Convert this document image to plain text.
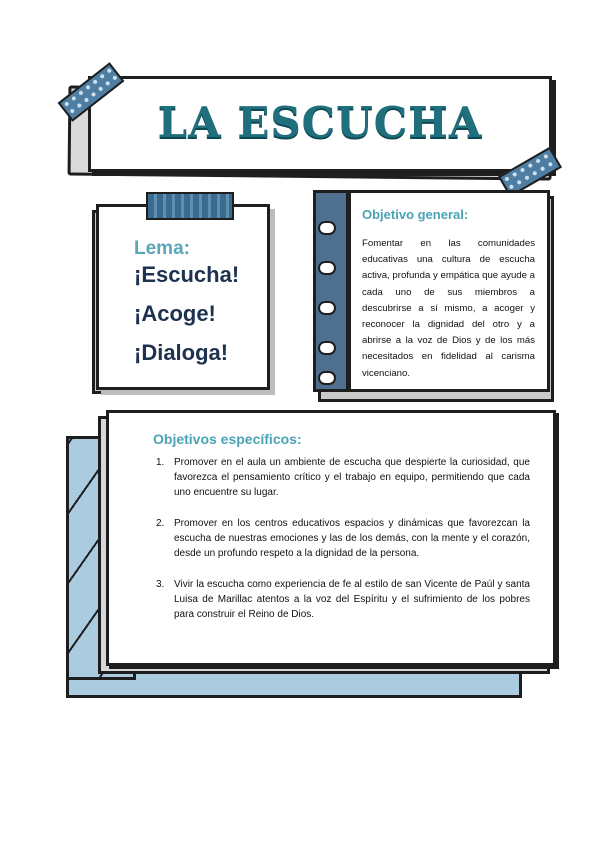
LA ESCUCHA
Lema:
¡Escucha!
¡Acoge!
¡Dialoga!
Objetivo general:
Fomentar en las comunidades educativas una cultura de escucha activa, profunda y empática que ayude a cada uno de sus miembros a descubrirse a sí mismo, a acoger y reconocer la dignidad del otro y a abrirse a la voz de Dios y de los más necesitados en fidelidad al carisma vicenciano.
Objetivos específicos:
1. Promover en el aula un ambiente de escucha que despierte la curiosidad, que favorezca el pensamiento crítico y el trabajo en equipo, permitiendo que cada uno encuentre su lugar.
2. Promover en los centros educativos espacios y dinámicas que favorezcan la escucha de nuestras emociones y las de los demás, con la mente y el corazón, desde un profundo respeto a la dignidad de la persona.
3. Vivir la escucha como experiencia de fe al estilo de san Vicente de Paúl y santa Luisa de Marillac atentos a la voz del Espíritu y el sufrimiento de los pobres para construir el Reino de Dios.
